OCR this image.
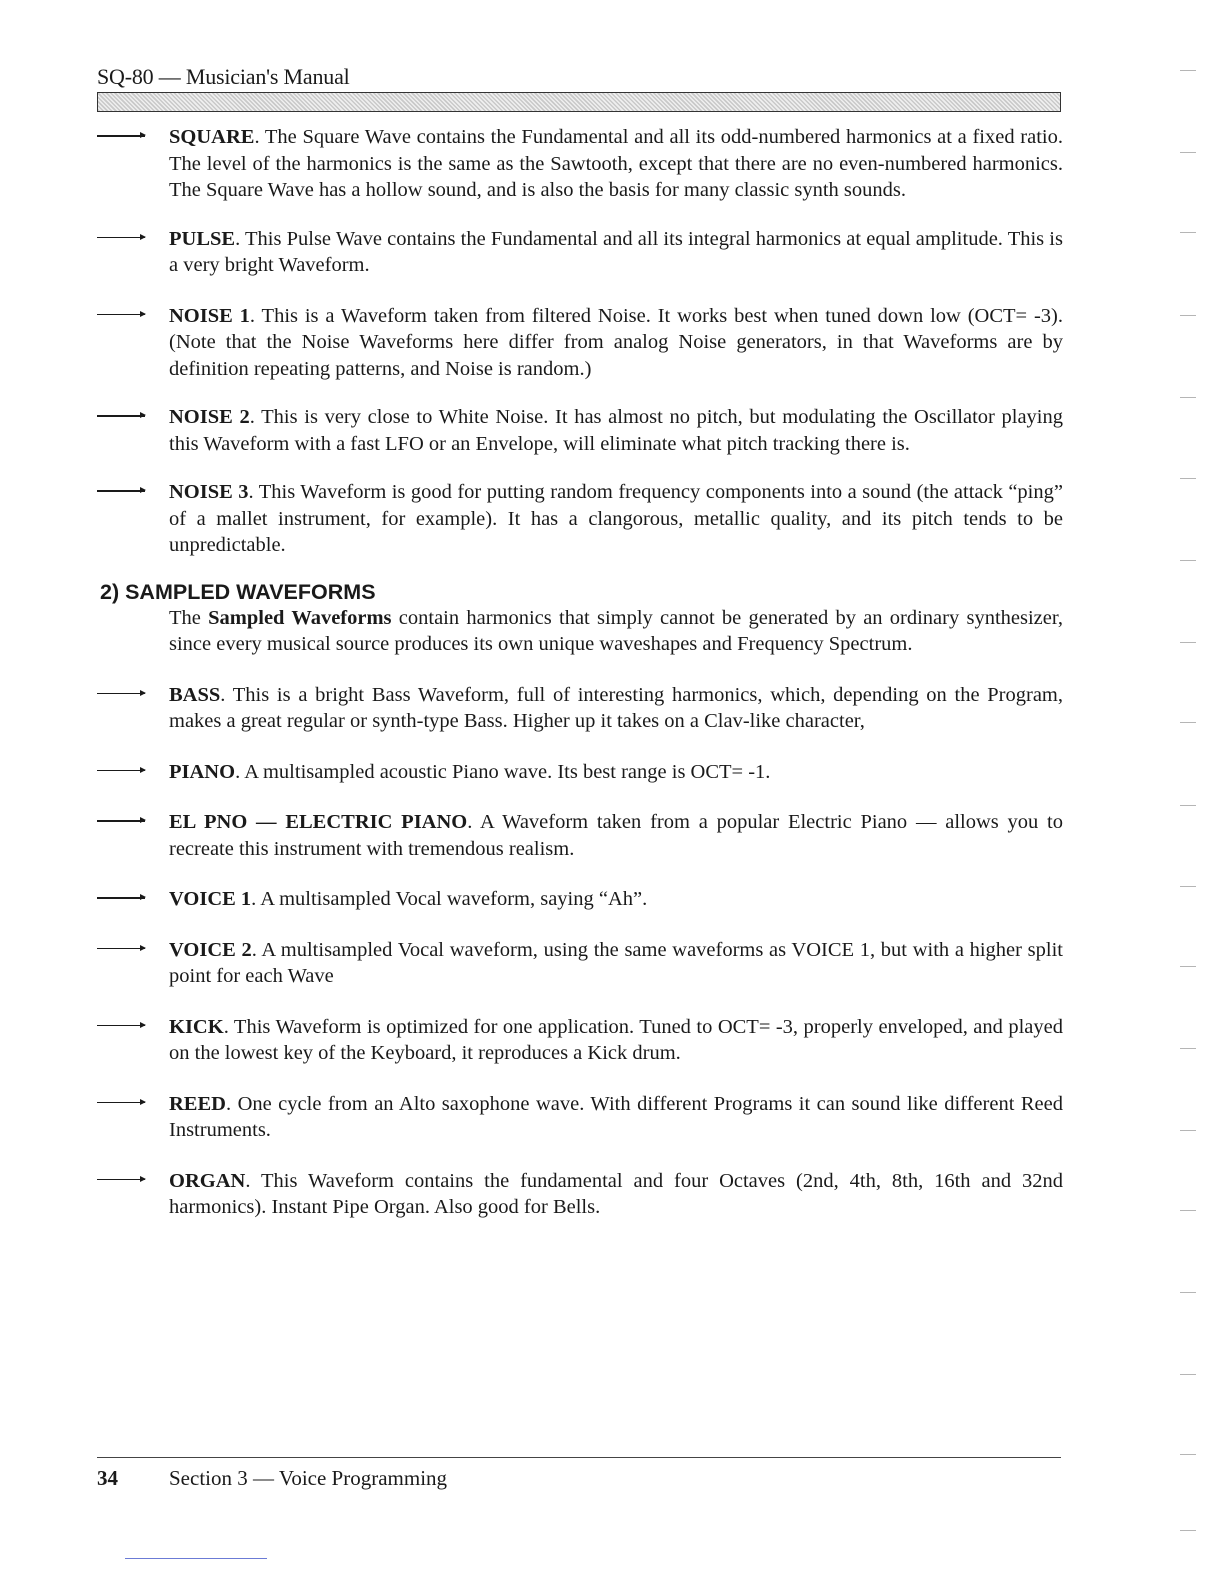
SQ-80 — Musician's Manual
SQUARE. The Square Wave contains the Fundamental and all its odd-numbered harmonics at a fixed ratio. The level of the harmonics is the same as the Sawtooth, except that there are no even-numbered harmonics. The Square Wave has a hollow sound, and is also the basis for many classic synth sounds.
PULSE. This Pulse Wave contains the Fundamental and all its integral harmonics at equal amplitude. This is a very bright Waveform.
NOISE 1. This is a Waveform taken from filtered Noise. It works best when tuned down low (OCT= -3). (Note that the Noise Waveforms here differ from analog Noise generators, in that Waveforms are by definition repeating patterns, and Noise is random.)
NOISE 2. This is very close to White Noise. It has almost no pitch, but modulating the Oscillator playing this Waveform with a fast LFO or an Envelope, will eliminate what pitch tracking there is.
NOISE 3. This Waveform is good for putting random frequency components into a sound (the attack “ping” of a mallet instrument, for example). It has a clangorous, metallic quality, and its pitch tends to be unpredictable.
2) SAMPLED WAVEFORMS
The Sampled Waveforms contain harmonics that simply cannot be generated by an ordinary synthesizer, since every musical source produces its own unique waveshapes and Frequency Spectrum.
BASS. This is a bright Bass Waveform, full of interesting harmonics, which, depending on the Program, makes a great regular or synth-type Bass. Higher up it takes on a Clav-like character,
PIANO. A multisampled acoustic Piano wave. Its best range is OCT= -1.
EL PNO — ELECTRIC PIANO. A Waveform taken from a popular Electric Piano — allows you to recreate this instrument with tremendous realism.
VOICE 1. A multisampled Vocal waveform, saying “Ah”.
VOICE 2. A multisampled Vocal waveform, using the same waveforms as VOICE 1, but with a higher split point for each Wave
KICK. This Waveform is optimized for one application. Tuned to OCT= -3, properly enveloped, and played on the lowest key of the Keyboard, it reproduces a Kick drum.
REED. One cycle from an Alto saxophone wave. With different Programs it can sound like different Reed Instruments.
ORGAN. This Waveform contains the fundamental and four Octaves (2nd, 4th, 8th, 16th and 32nd harmonics). Instant Pipe Organ. Also good for Bells.
34 Section 3 — Voice Programming
